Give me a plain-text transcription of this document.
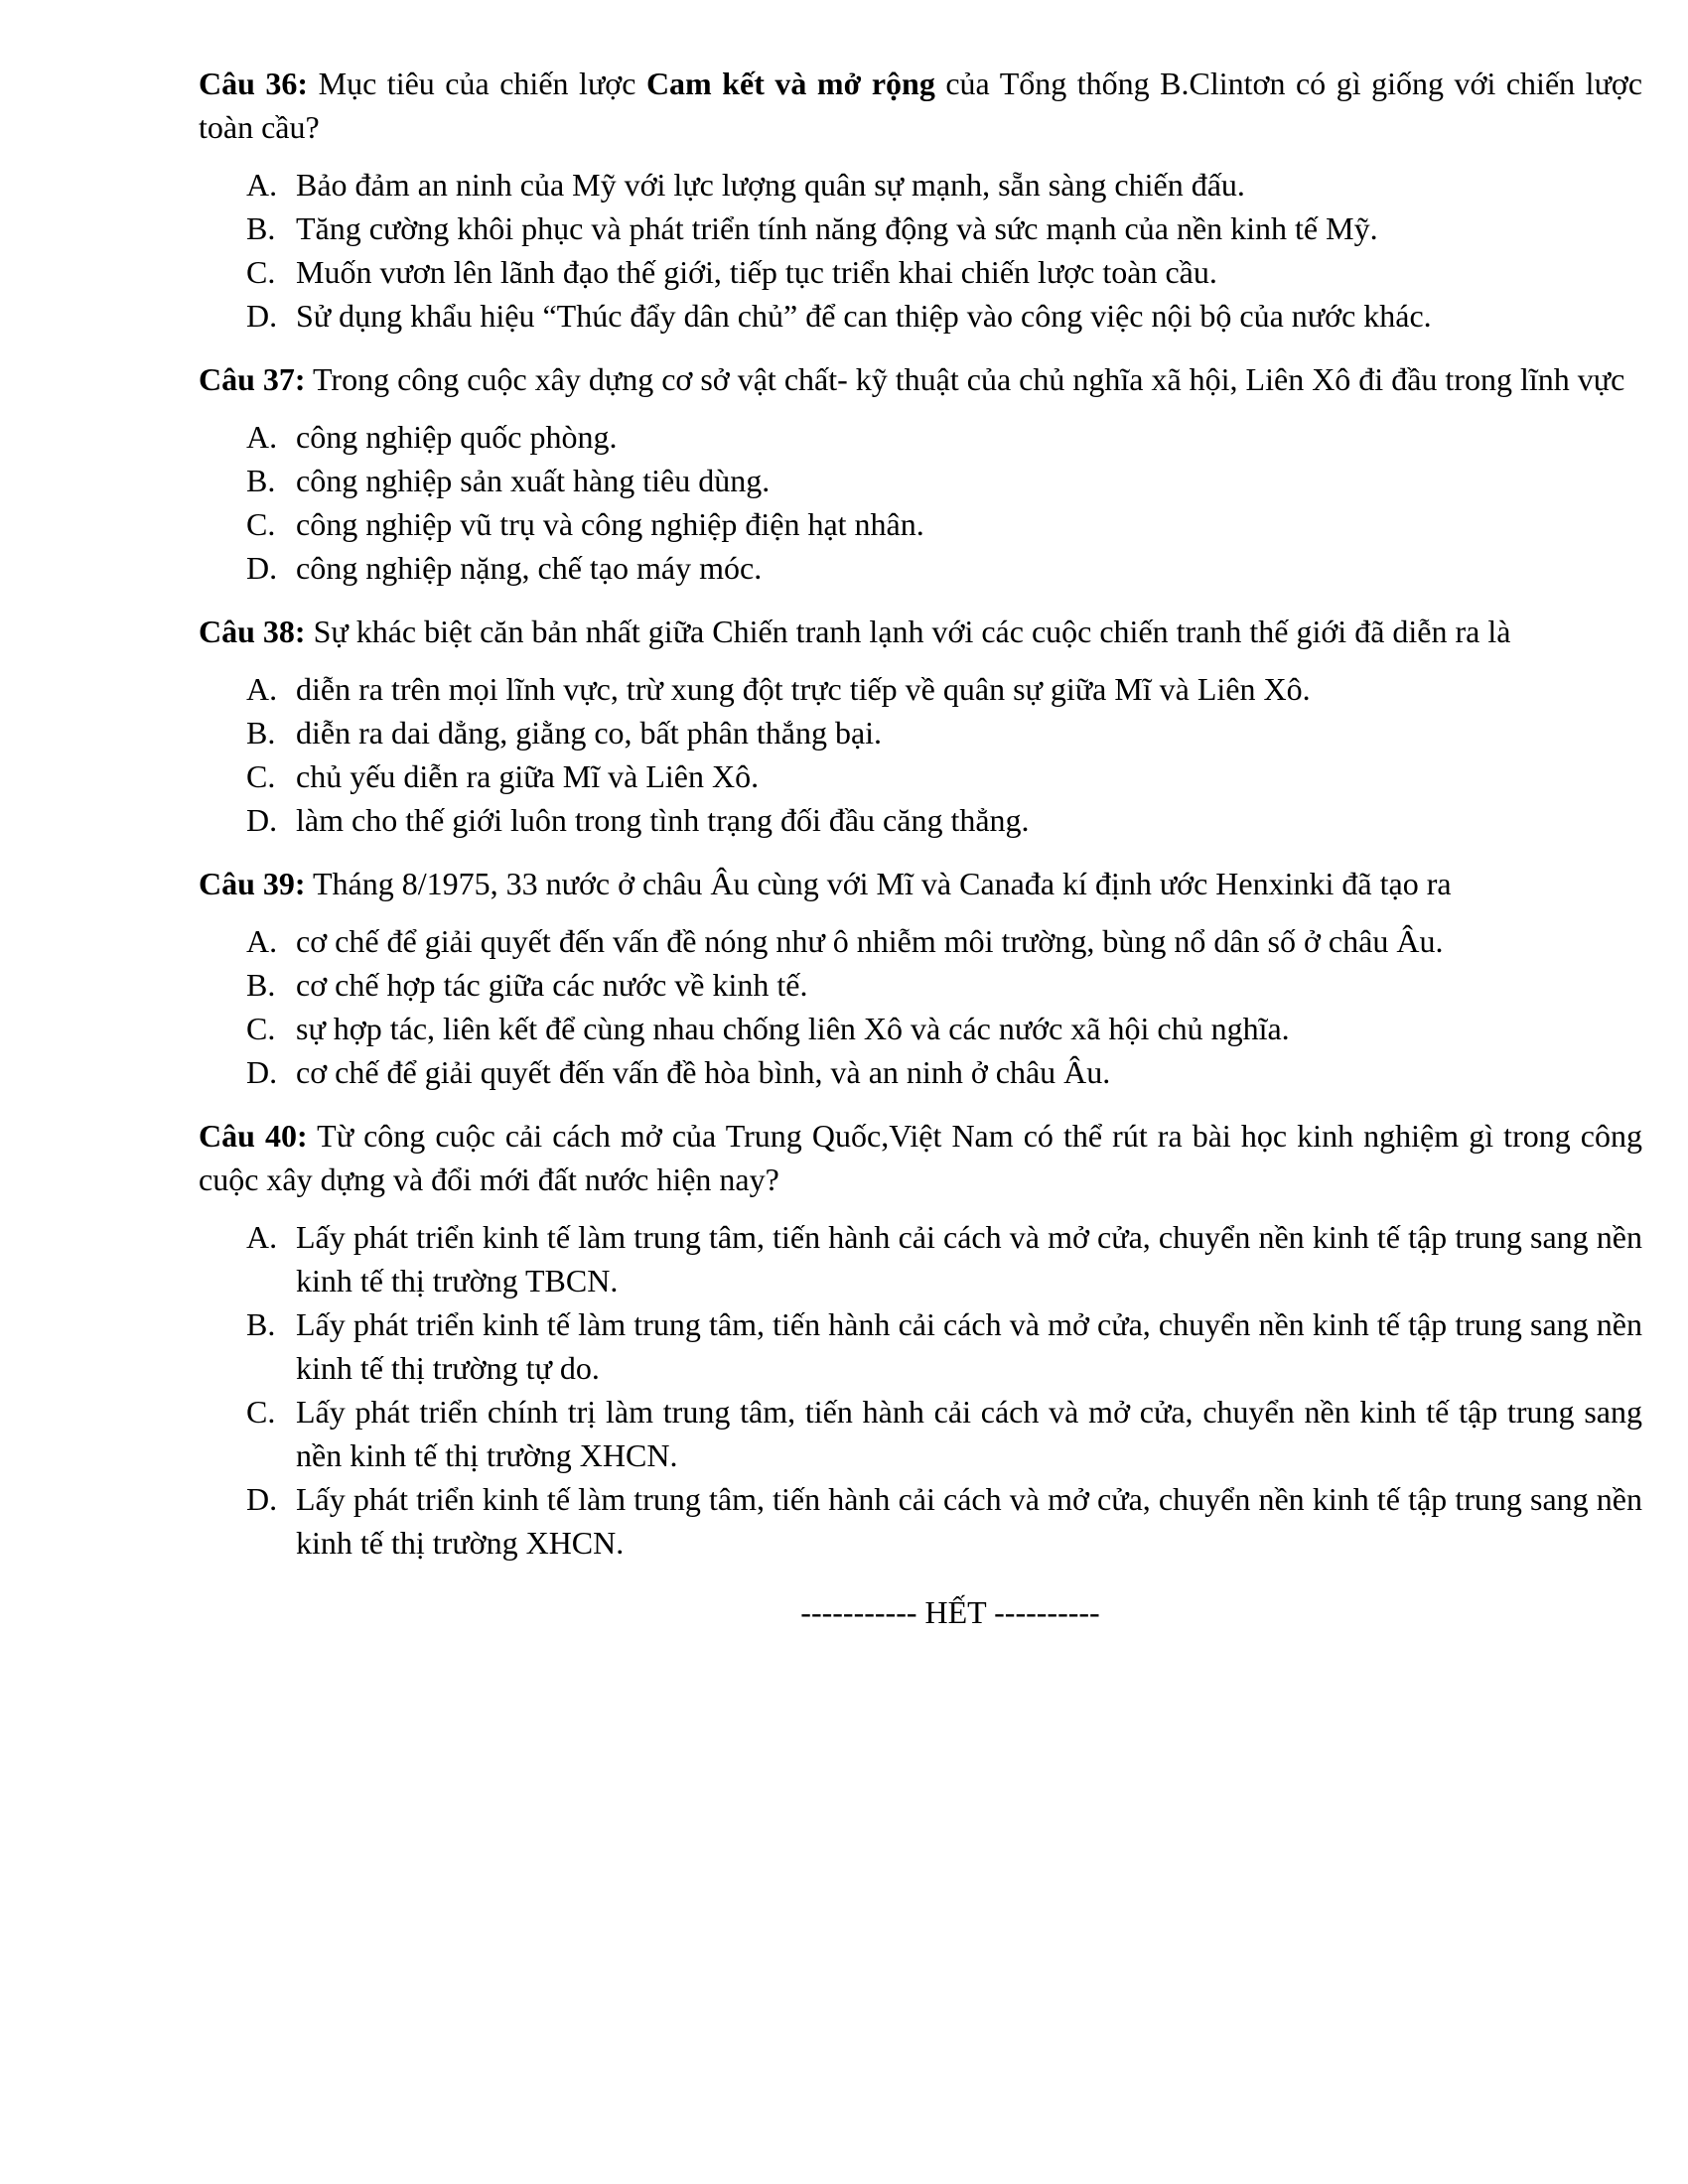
Câu 36: Mục tiêu của chiến lược Cam kết và mở rộng của Tổng thống B.Clintơn có gì giống với chiến lược toàn cầu?

A. Bảo đảm an ninh của Mỹ với lực lượng quân sự mạnh, sẵn sàng chiến đấu.
B. Tăng cường khôi phục và phát triển tính năng động và sức mạnh của nền kinh tế Mỹ.
C. Muốn vươn lên lãnh đạo thế giới, tiếp tục triển khai chiến lược toàn cầu.
D. Sử dụng khẩu hiệu “Thúc đẩy dân chủ” để can thiệp vào công việc nội bộ của nước khác.

Câu 37: Trong công cuộc xây dựng cơ sở vật chất- kỹ thuật của chủ nghĩa xã hội, Liên Xô đi đầu trong lĩnh vực

A. công nghiệp quốc phòng.
B. công nghiệp sản xuất hàng tiêu dùng.
C. công nghiệp vũ trụ và công nghiệp điện hạt nhân.
D. công nghiệp nặng, chế tạo máy móc.

Câu 38: Sự khác biệt căn bản nhất giữa Chiến tranh lạnh với các cuộc chiến tranh thế giới đã diễn ra là

A. diễn ra trên mọi lĩnh vực, trừ xung đột trực tiếp về quân sự giữa Mĩ và Liên Xô.
B. diễn ra dai dẳng, giằng co, bất phân thắng bại.
C. chủ yếu diễn ra giữa Mĩ và Liên Xô.
D. làm cho thế giới luôn trong tình trạng đối đầu căng thẳng.

Câu 39: Tháng 8/1975, 33 nước ở châu Âu cùng với Mĩ và Canađa kí định ước Henxinki đã tạo ra

A. cơ chế để giải quyết đến vấn đề nóng như ô nhiễm môi trường, bùng nổ dân số ở châu Âu.
B. cơ chế hợp tác giữa các nước về kinh tế.
C. sự hợp tác, liên kết để cùng nhau chống liên Xô và các nước xã hội chủ nghĩa.
D. cơ chế để giải quyết đến vấn đề hòa bình, và an ninh ở châu Âu.

Câu 40: Từ công cuộc cải cách mở của Trung Quốc,Việt Nam có thể rút ra bài học kinh nghiệm gì trong công cuộc xây dựng và đổi mới đất nước hiện nay?

A. Lấy phát triển kinh tế làm trung tâm, tiến hành cải cách và mở cửa, chuyển nền kinh tế tập trung sang nền kinh tế thị trường TBCN.
B. Lấy phát triển kinh tế làm trung tâm, tiến hành cải cách và mở cửa, chuyển nền kinh tế tập trung sang nền kinh tế thị trường tự do.
C. Lấy phát triển chính trị làm trung tâm, tiến hành cải cách và mở cửa, chuyển nền kinh tế tập trung sang nền kinh tế thị trường XHCN.
D. Lấy phát triển kinh tế làm trung tâm, tiến hành cải cách và mở cửa, chuyển nền kinh tế tập trung sang nền kinh tế thị trường XHCN.
----------- HẾT ----------
